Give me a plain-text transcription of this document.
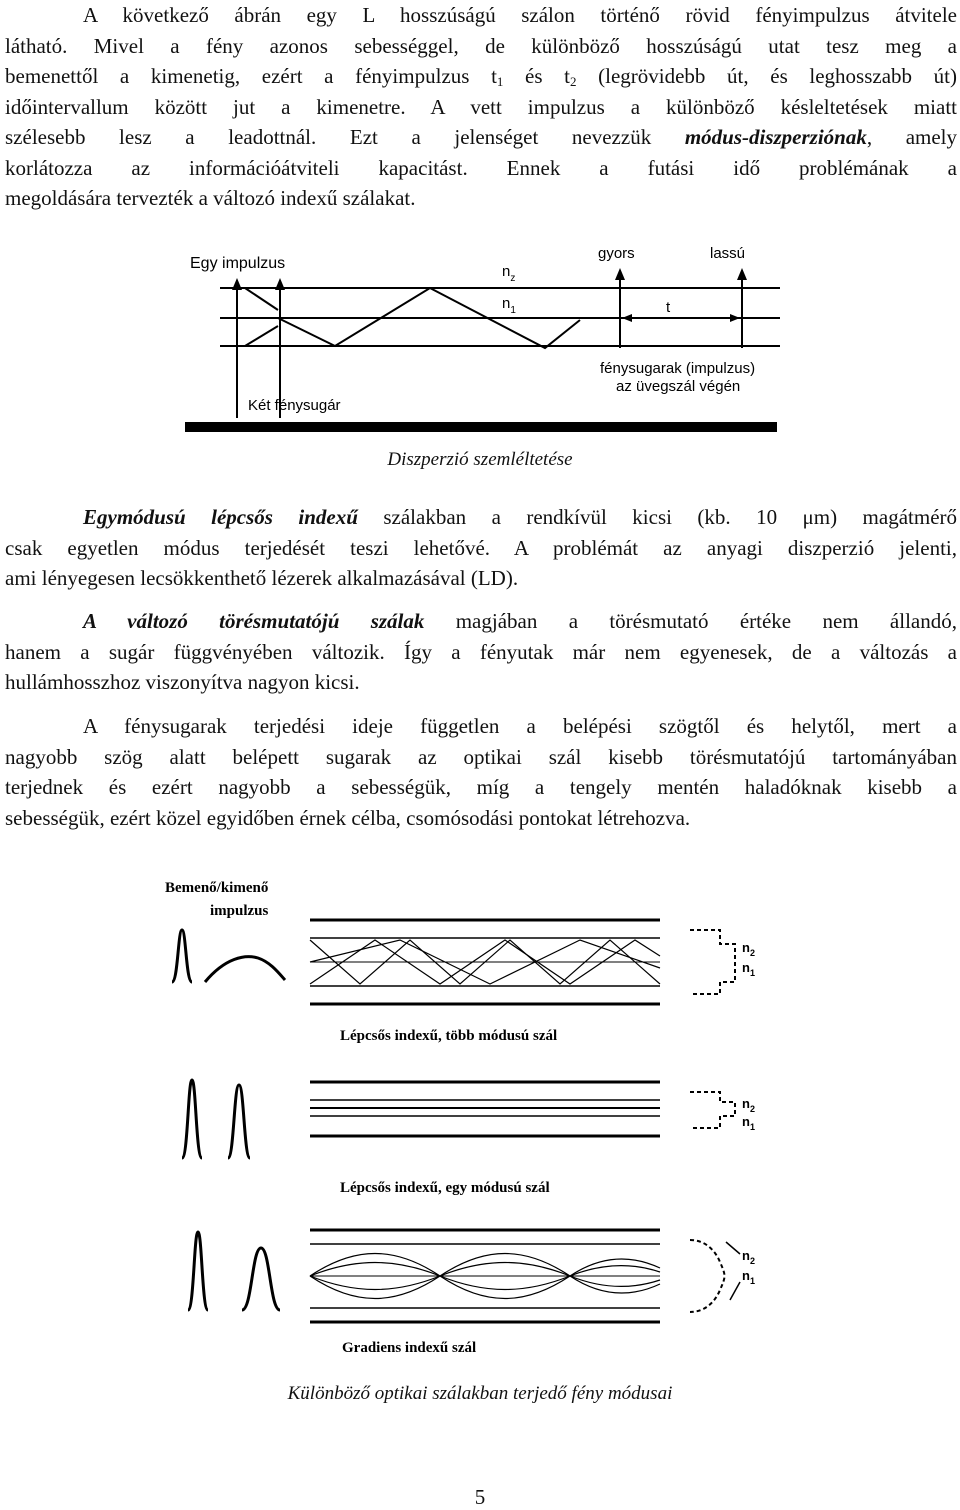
A következő ábrán egy L hosszúságú szálon történő rövid fényimpulzus átvitele
látható. Mivel a fény azonos sebességgel, de különböző hosszúságú utat tesz meg a
bemenettől a kimenetig, ezért a fényimpulzus $t_1$ és $t_2$ (legrövidebb út, és leghosszabb út)
időintervallum között jut a kimenetre. A vett impulzus a különböző késleltetések miatt
szélesebb lesz a leadottnál. Ezt a jelenséget nevezzük módus-diszperziónak, amely
korlátozza az információátviteli kapacitást. Ennek a futási idő problémának a
megoldására tervezték a változó indexű szálakat.
Egy impulzus	$n_z$
$n_1$
gyors	lassú
t
fénysugarak (impulzus)
az üvegszál végén
Két fénysugár

Diszperzió szemléltetése

Egymódusú lépcsős indexű szálakban a rendkívül kicsi (kb. 10 μm) magátmérő
csak egyetlen módus terjedését teszi lehetővé. A problémát az anyagi diszperzió jelenti,
ami lényegesen lecsökkenthető lézerek alkalmazásával (LD).
A változó törésmutatójú szálak magjában a törésmutató értéke nem állandó,
hanem a sugár függvényében változik. Így a fényutak már nem egyenesek, de a változás a
hullámhosszhoz viszonyítva nagyon kicsi.
A fénysugarak terjedési ideje független a belépési szögtől és helytől, mert a
nagyobb szög alatt belépett sugarak az optikai szál kisebb törésmutatójú tartományában
terjednek és ezért nagyobb a sebességük, míg a tengely mentén haladóknak kisebb a
sebességük, ezért közel egyidőben érnek célba, csomósodási pontokat létrehozva.
Bemenő/kimenő
impulzus
$n_2$
$n_1$
Lépcsős indexű, több módusú szál
$n_2$
$n_1$
Lépcsős indexű, egy módusú szál
$n_2$
$n_1$
Gradiens indexű szál

Különböző optikai szálakban terjedő fény módusai

5
